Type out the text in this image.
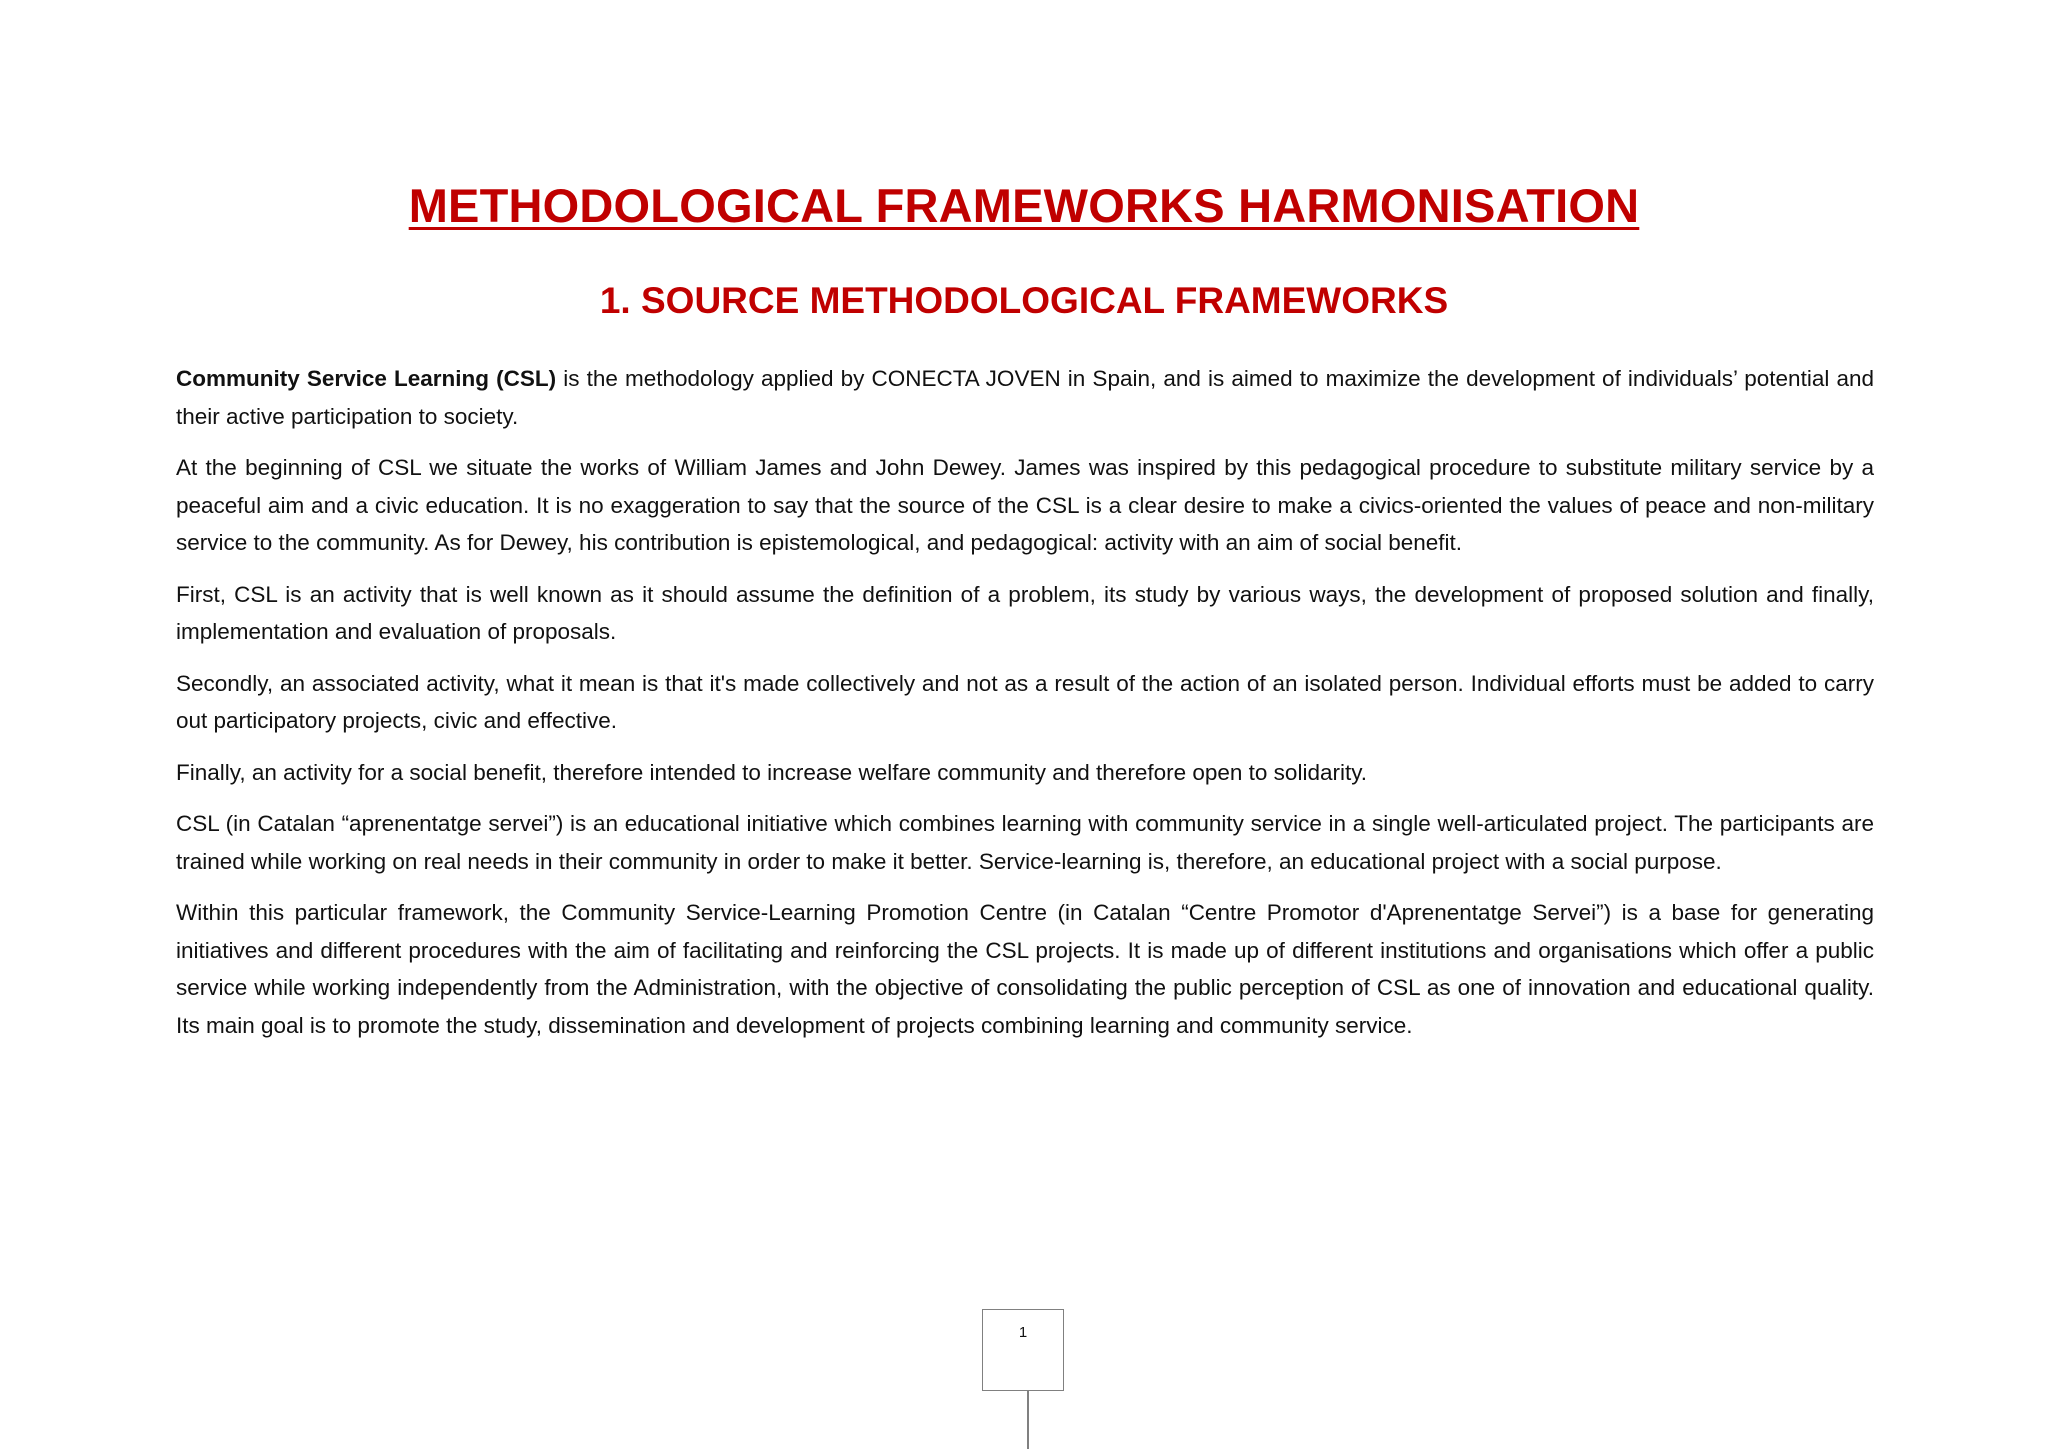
METHODOLOGICAL FRAMEWORKS HARMONISATION
1. SOURCE METHODOLOGICAL FRAMEWORKS

Community Service Learning (CSL) is the methodology applied by CONECTA JOVEN in Spain, and is aimed to maximize the development of individuals’ potential and their active participation to society.

At the beginning of CSL we situate the works of William James and John Dewey. James was inspired by this pedagogical procedure to substitute military service by a peaceful aim and a civic education. It is no exaggeration to say that the source of the CSL is a clear desire to make a civics-oriented the values of peace and non-military service to the community. As for Dewey, his contribution is epistemological, and pedagogical: activity with an aim of social benefit.

First, CSL is an activity that is well known as it should assume the definition of a problem, its study by various ways, the development of proposed solution and finally, implementation and evaluation of proposals.

Secondly, an associated activity, what it mean is that it's made collectively and not as a result of the action of an isolated person. Individual efforts must be added to carry out participatory projects, civic and effective.

Finally, an activity for a social benefit, therefore intended to increase welfare community and therefore open to solidarity.

CSL (in Catalan “aprenentatge servei”) is an educational initiative which combines learning with community service in a single well-articulated project. The participants are trained while working on real needs in their community in order to make it better. Service-learning is, therefore, an educational project with a social purpose.

Within this particular framework, the Community Service-Learning Promotion Centre (in Catalan “Centre Promotor d'Aprenentatge Servei”) is a base for generating initiatives and different procedures with the aim of facilitating and reinforcing the CSL projects. It is made up of different institutions and organisations which offer a public service while working independently from the Administration, with the objective of consolidating the public perception of CSL as one of innovation and educational quality. Its main goal is to promote the study, dissemination and development of projects combining learning and community service.

1
